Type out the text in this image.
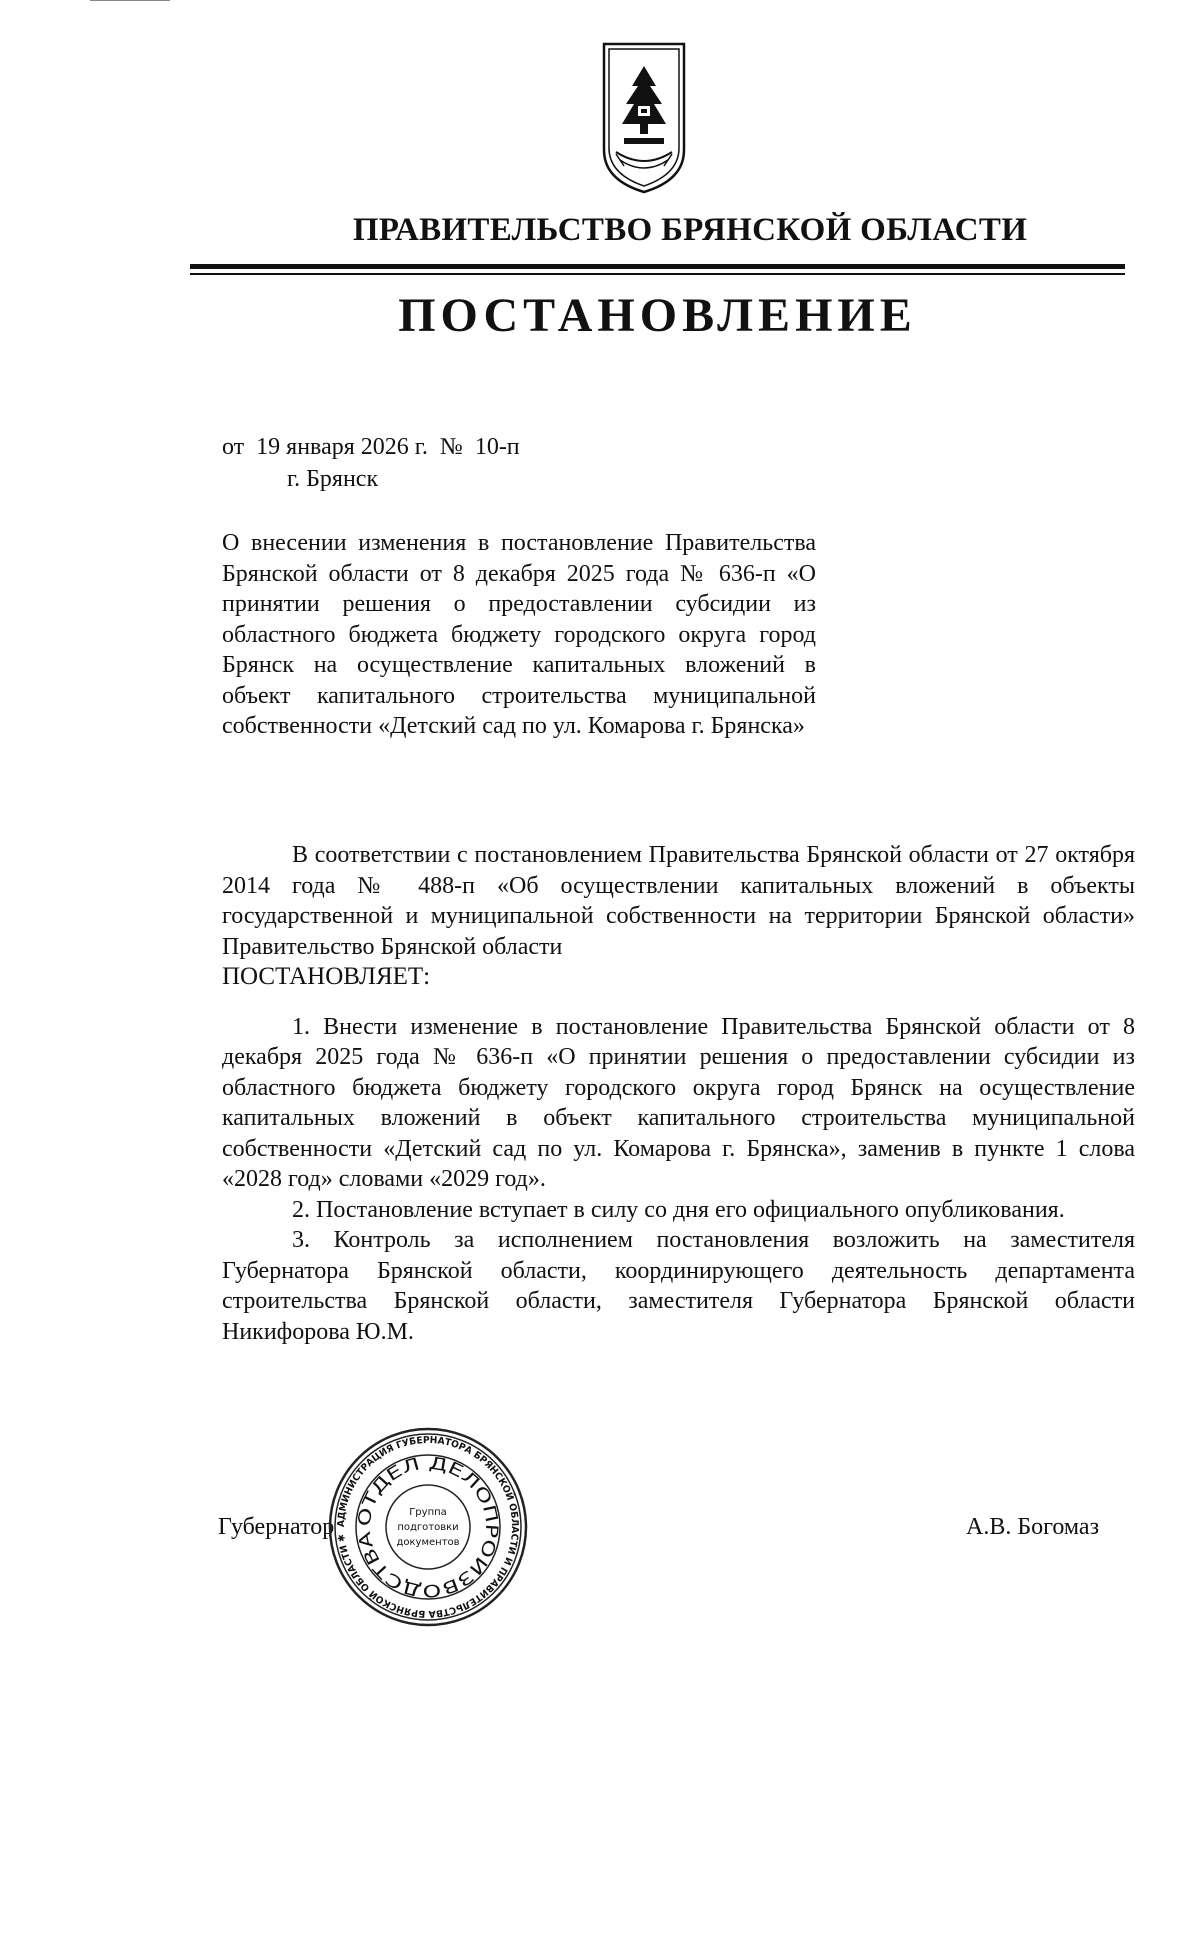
ПРАВИТЕЛЬСТВО БРЯНСКОЙ ОБЛАСТИ
ПОСТАНОВЛЕНИЕ
от 19 января 2026 г. № 10-п
г. Брянск
О внесении изменения в постановление Правительства Брянской области от 8 декабря 2025 года № 636-п «О принятии решения о предоставлении субсидии из областного бюджета бюджету городского округа город Брянск на осуществление капитальных вложений в объект капитального строительства муниципальной собственности «Детский сад по ул. Комарова г. Брянска»

В соответствии с постановлением Правительства Брянской области от 27 октября 2014 года № 488-п «Об осуществлении капитальных вложений в объекты государственной и муниципальной собственности на территории Брянской области» Правительство Брянской области

ПОСТАНОВЛЯЕТ:

1. Внести изменение в постановление Правительства Брянской области от 8 декабря 2025 года № 636-п «О принятии решения о предоставлении субсидии из областного бюджета бюджету городского округа город Брянск на осуществление капитальных вложений в объект капитального строительства муниципальной собственности «Детский сад по ул. Комарова г. Брянска», заменив в пункте 1 слова «2028 год» словами «2029 год».

2. Постановление вступает в силу со дня его официального опубликования.

3. Контроль за исполнением постановления возложить на заместителя Губернатора Брянской области, координирующего деятельность департамента строительства Брянской области, заместителя Губернатора Брянской области Никифорова Ю.М.

Губернатор	А.В. Богомаз
АДМИНИСТРАЦИЯ ГУБЕРНАТОРА БРЯНСКОЙ ОБЛАСТИ И ПРАВИТЕЛЬСТВА БРЯНСКОЙ ОБЛАСТИ ✱
ОТДЕЛ ДЕЛОПРОИЗВОДСТВА
Группа
подготовки
документов
